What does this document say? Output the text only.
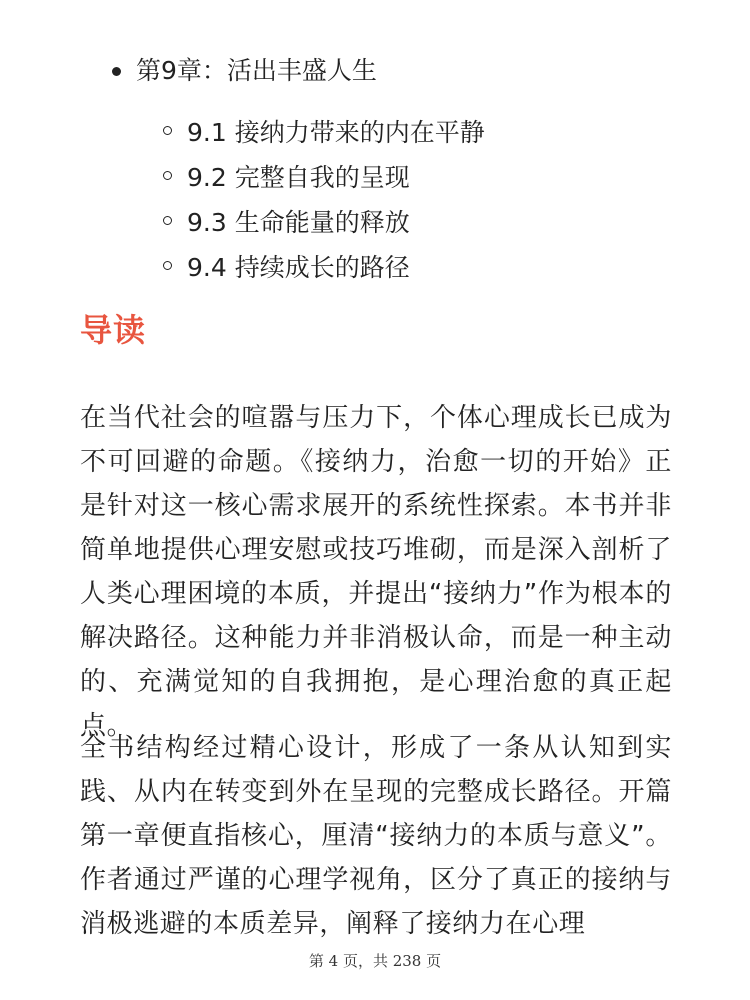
第9章：活出丰盛人生
9.1 接纳力带来的内在平静
9.2 完整自我的呈现
9.3 生命能量的释放
9.4 持续成长的路径
导读

在当代社会的喧嚣与压力下，个体心理成长已成为不可回避的命题。《接纳力，治愈一切的开始》正是针对这一核心需求展开的系统性探索。本书并非简单地提供心理安慰或技巧堆砌，而是深入剖析了人类心理困境的本质，并提出“接纳力”作为根本的解决路径。这种能力并非消极认命，而是一种主动的、充满觉知的自我拥抱，是心理治愈的真正起点。

全书结构经过精心设计，形成了一条从认知到实践、从内在转变到外在呈现的完整成长路径。开篇第一章便直指核心，厘清“接纳力的本质与意义”。作者通过严谨的心理学视角，区分了真正的接纳与消极逃避的本质差异，阐释了接纳力在心理

第 4 页，共 238 页
